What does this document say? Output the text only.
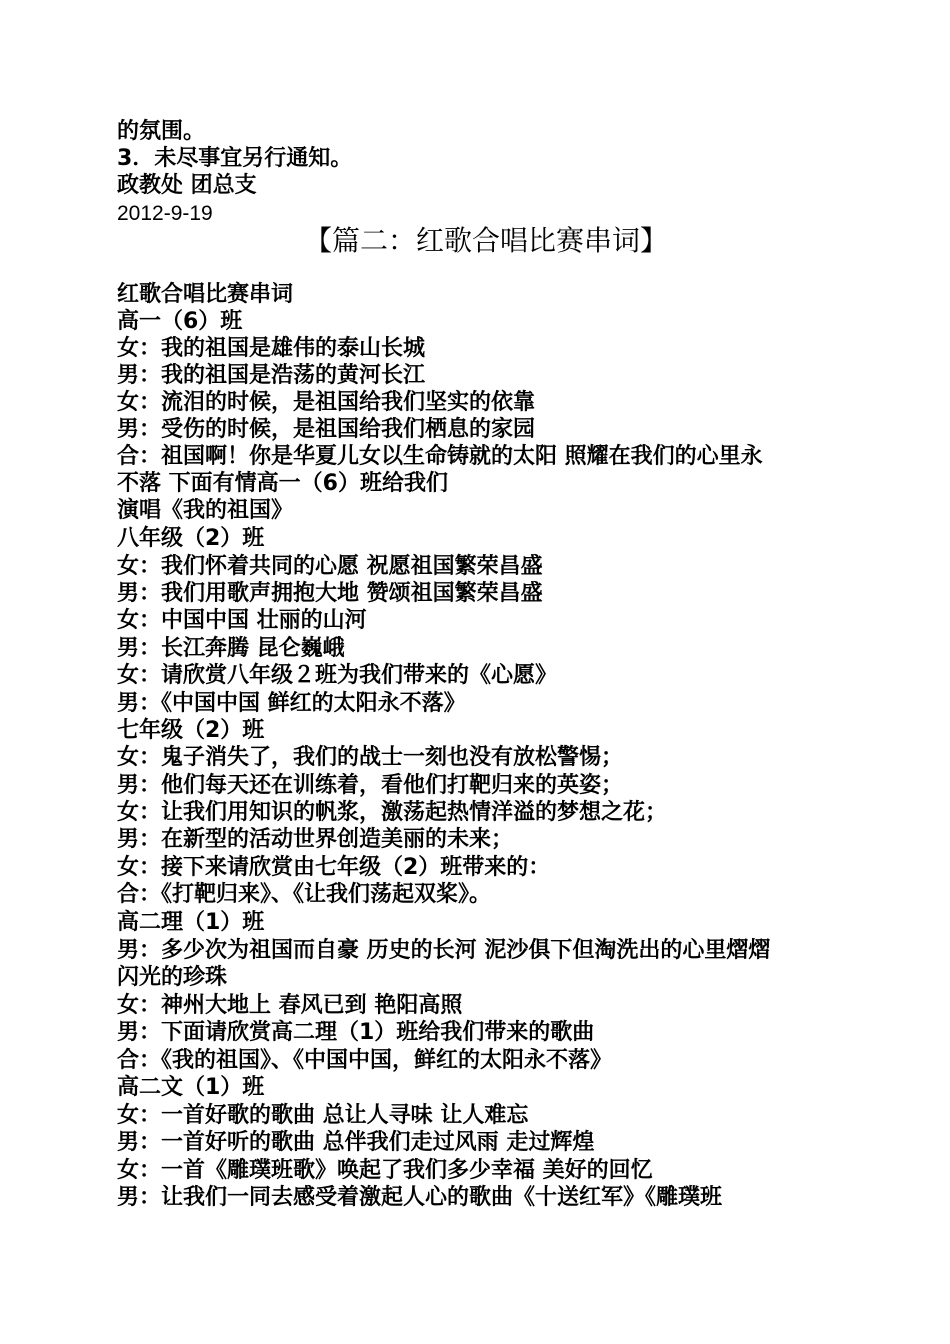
的氛围。
3．未尽事宜另行通知。
政教处 团总支
2012-9-19
【篇二：红歌合唱比赛串词】
红歌合唱比赛串词
高一（6）班
女：我的祖国是雄伟的泰山长城
男：我的祖国是浩荡的黄河长江
女：流泪的时候，是祖国给我们坚实的依靠
男：受伤的时候，是祖国给我们栖息的家园
合：祖国啊！你是华夏儿女以生命铸就的太阳 照耀在我们的心里永
不落 下面有情高一（6）班给我们
演唱《我的祖国》
八年级（2）班
女：我们怀着共同的心愿 祝愿祖国繁荣昌盛
男：我们用歌声拥抱大地 赞颂祖国繁荣昌盛
女：中国中国 壮丽的山河
男：长江奔腾 昆仑巍峨
女：请欣赏八年级２班为我们带来的《心愿》
男：《中国中国 鲜红的太阳永不落》
七年级（2）班
女：鬼子消失了，我们的战士一刻也没有放松警惕；
男：他们每天还在训练着，看他们打靶归来的英姿；
女：让我们用知识的帆浆，激荡起热情洋溢的梦想之花；
男：在新型的活动世界创造美丽的未来；
女：接下来请欣赏由七年级（2）班带来的：
合：《打靶归来》、《让我们荡起双桨》。
高二理（1）班
男：多少次为祖国而自豪 历史的长河 泥沙俱下但淘洗出的心里熠熠
闪光的珍珠
女：神州大地上 春风已到 艳阳高照
男：下面请欣赏高二理（1）班给我们带来的歌曲
合：《我的祖国》、《中国中国，鲜红的太阳永不落》
高二文（1）班
女：一首好歌的歌曲 总让人寻味 让人难忘
男：一首好听的歌曲 总伴我们走过风雨 走过辉煌
女：一首《雕璞班歌》唤起了我们多少幸福 美好的回忆
男：让我们一同去感受着激起人心的歌曲《十送红军》《雕璞班
